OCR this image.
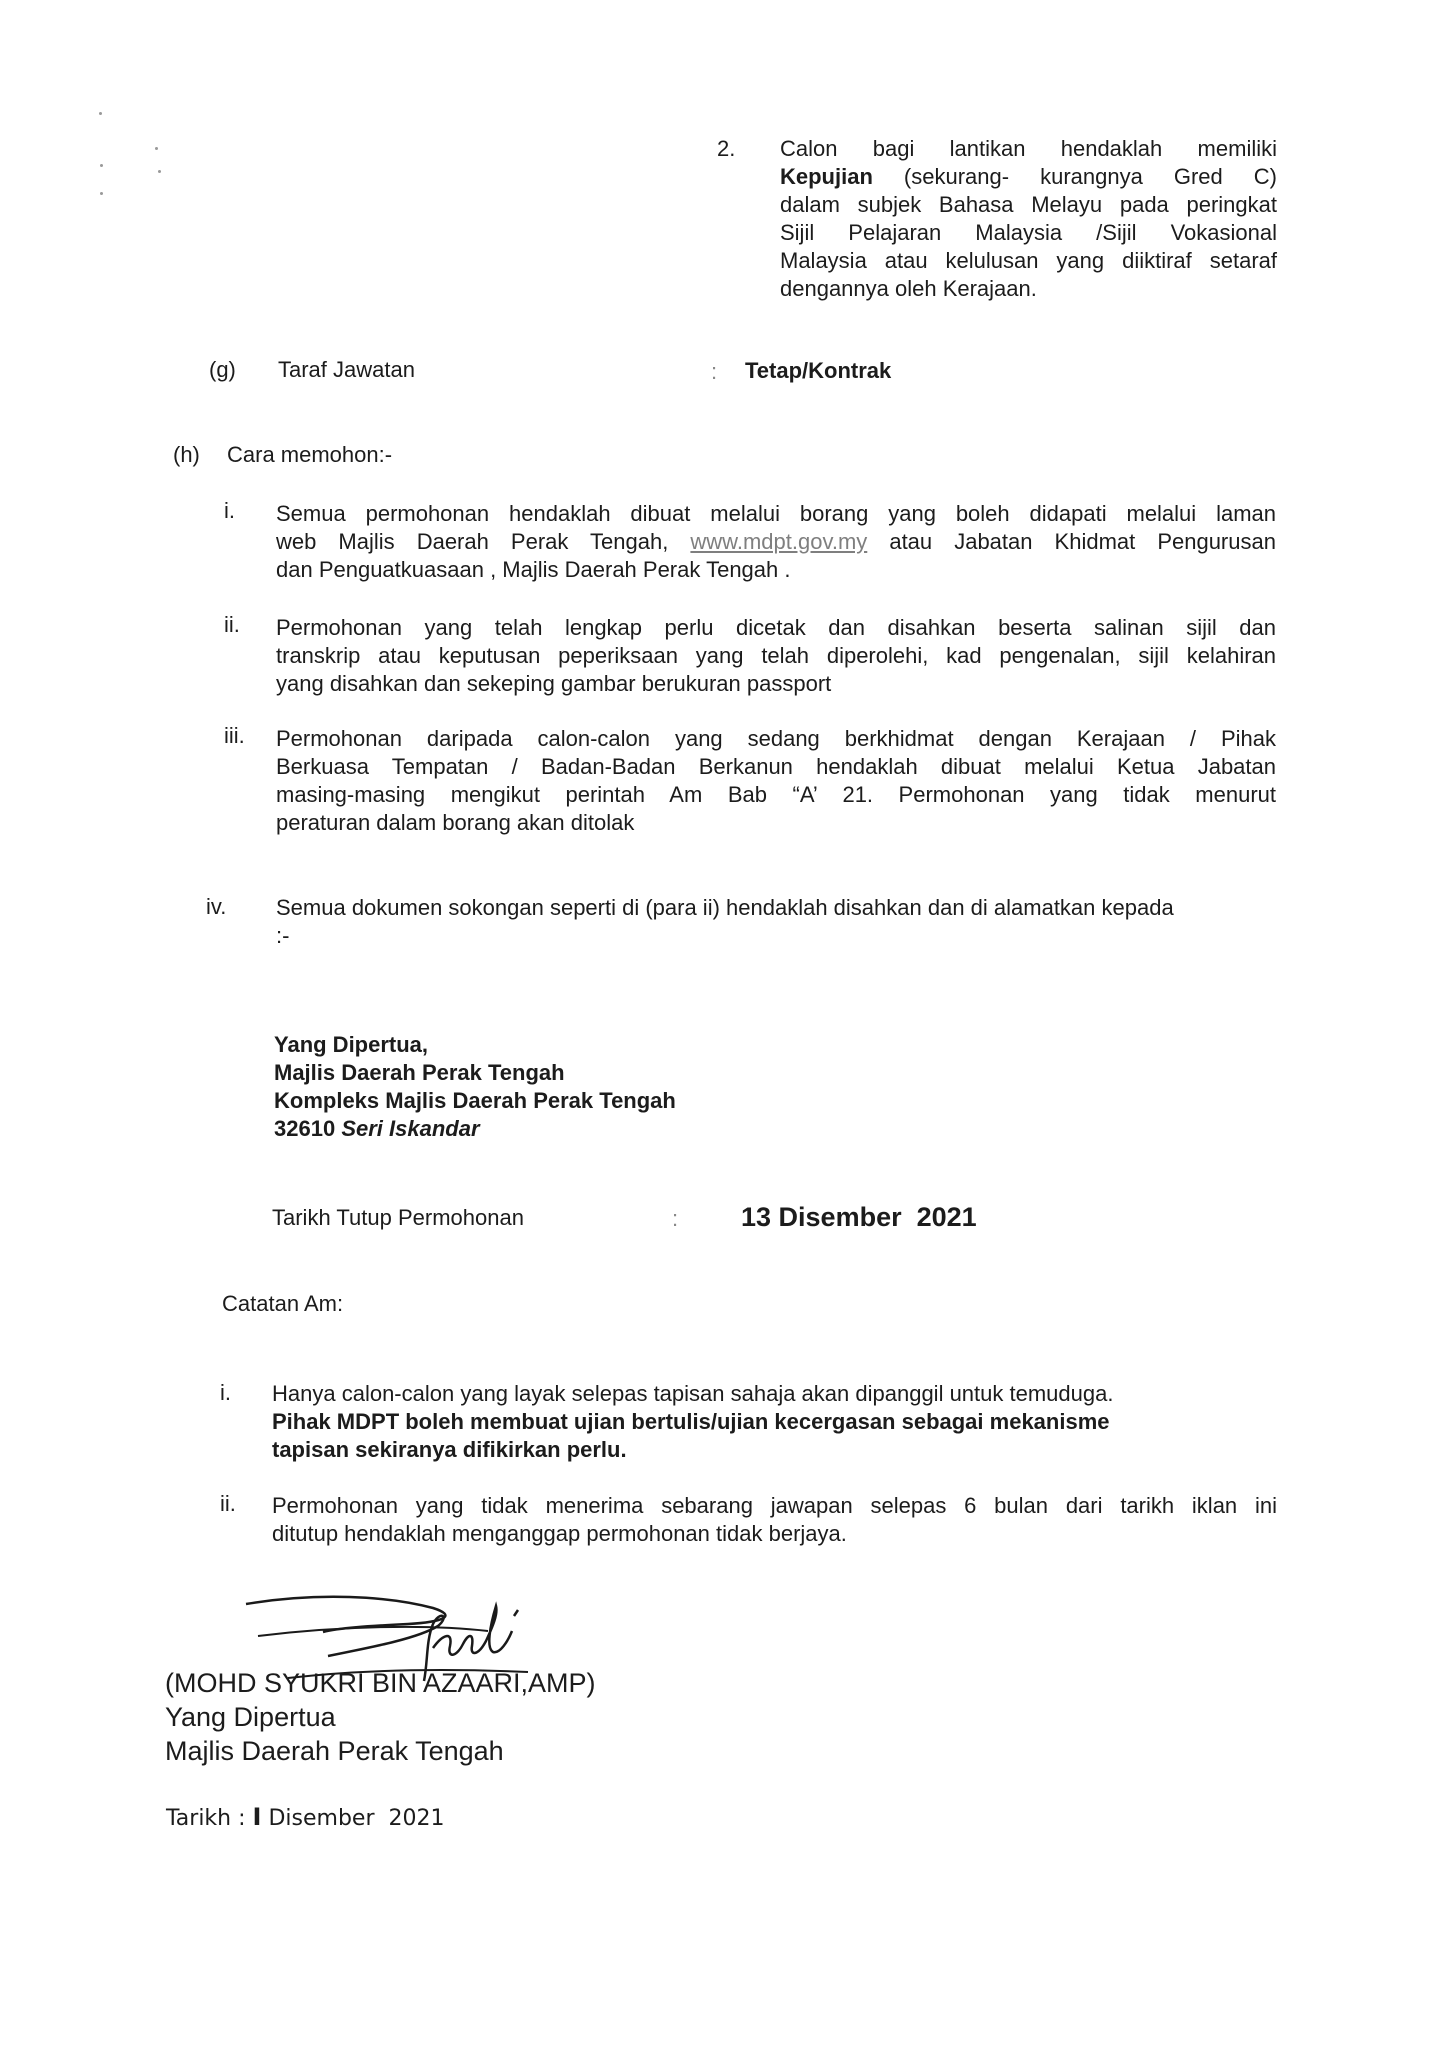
2. Calon bagi lantikan hendaklah memiliki
Kepujian (sekurang- kurangnya Gred C)
dalam subjek Bahasa Melayu pada peringkat
Sijil Pelajaran Malaysia /Sijil Vokasional
Malaysia atau kelulusan yang diiktiraf setaraf
dengannya oleh Kerajaan.
(g) Taraf Jawatan	: Tetap/Kontrak
(h) Cara memohon:-
i. Semua permohonan hendaklah dibuat melalui borang yang boleh didapati melalui laman
web Majlis Daerah Perak Tengah, www.mdpt.gov.my atau Jabatan Khidmat Pengurusan
dan Penguatkuasaan , Majlis Daerah Perak Tengah .
ii. Permohonan yang telah lengkap perlu dicetak dan disahkan beserta salinan sijil dan
transkrip atau keputusan peperiksaan yang telah diperolehi, kad pengenalan, sijil kelahiran
yang disahkan dan sekeping gambar berukuran passport
iii. Permohonan daripada calon-calon yang sedang berkhidmat dengan Kerajaan / Pihak
Berkuasa Tempatan / Badan-Badan Berkanun hendaklah dibuat melalui Ketua Jabatan
masing-masing mengikut perintah Am Bab “A’ 21. Permohonan yang tidak menurut
peraturan dalam borang akan ditolak
iv. Semua dokumen sokongan seperti di (para ii) hendaklah disahkan dan di alamatkan kepada
:-
Yang Dipertua,
Majlis Daerah Perak Tengah
Kompleks Majlis Daerah Perak Tengah
32610 Seri Iskandar
Tarikh Tutup Permohonan	: 13 Disember  2021
Catatan Am:
i. Hanya calon-calon yang layak selepas tapisan sahaja akan dipanggil untuk temuduga.
Pihak MDPT boleh membuat ujian bertulis/ujian kecergasan sebagai mekanisme
tapisan sekiranya difikirkan perlu.
ii. Permohonan yang tidak menerima sebarang jawapan selepas 6 bulan dari tarikh iklan ini
ditutup hendaklah menganggap permohonan tidak berjaya.
(MOHD SYUKRI BIN AZAARI,AMP)
Yang Dipertua
Majlis Daerah Perak Tengah
Tarikh : I Disember  2021
